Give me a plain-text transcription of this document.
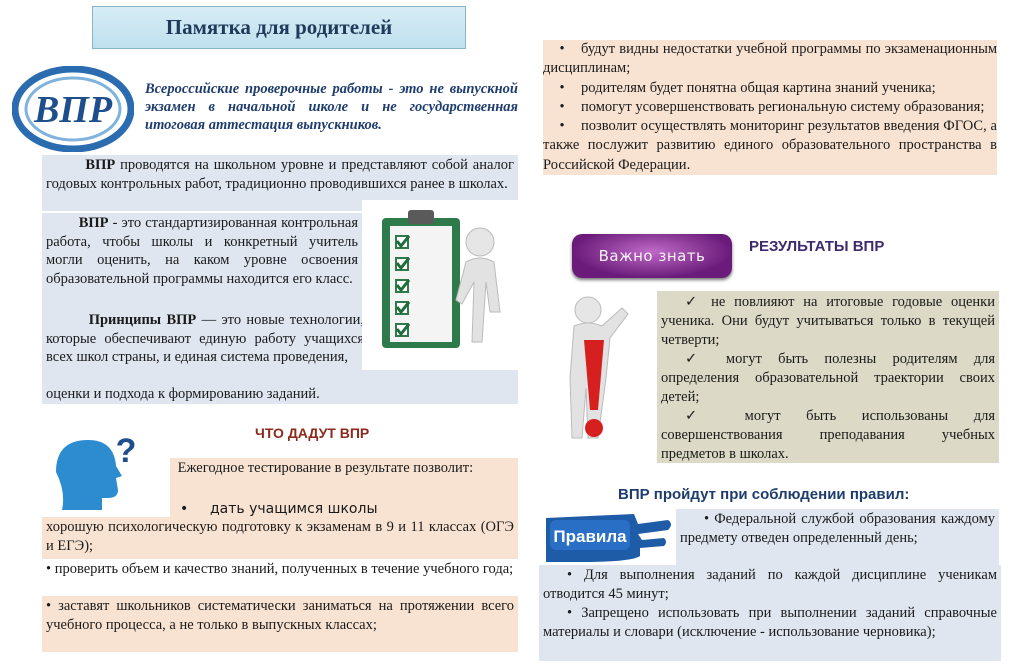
Памятка для родителей
ВПР Всероссийские проверочные работы - это не выпускной экзамен в начальной школе и не государственная итоговая аттестация выпускников.
ВПР проводятся на школьном уровне и представляют собой аналог годовых контрольных работ, традиционно проводившихся ранее в школах.
ВПР - это стандартизированная контрольная работа, чтобы школы и конкретный учитель могли оценить, на каком уровне освоения образовательной программы находится его класс.
Принципы ВПР — это новые технологии, которые обеспечивают единую работу учащихся всех школ страны, и единая система проведения,
оценки и подхода к формированию заданий.
ЧТО ДАДУТ ВПР
?	Ежегодное тестирование в результате позволит:
•	дать учащимся школы
хорошую психологическую подготовку к экзаменам в 9 и 11 классах (ОГЭ и ЕГЭ);
• проверить объем и качество знаний, полученных в течение учебного года;
• заставят школьников систематически заниматься на протяжении всего учебного процесса, а не только в выпускных классах;
• будут видны недостатки учебной программы по экзаменационным дисциплинам;
• родителям будет понятна общая картина знаний ученика;
• помогут усовершенствовать региональную систему образования;
• позволит осуществлять мониторинг результатов введения ФГОС, а также послужит развитию единого образовательного пространства в Российской Федерации.
Важно знать
РЕЗУЛЬТАТЫ ВПР
✓ не повлияют на итоговые годовые оценки ученика. Они будут учитываться только в текущей четверти;
✓ могут быть полезны родителям для определения образовательной траектории своих детей;
✓ могут быть использованы для совершенствования преподавания учебных предметов в школах.
ВПР пройдут при соблюдении правил:
Правила
• Федеральной службой образования каждому предмету отведен определенный день;
• Для выполнения заданий по каждой дисциплине ученикам отводится 45 минут;
• Запрещено использовать при выполнении заданий справочные материалы и словари (исключение - использование черновика);
